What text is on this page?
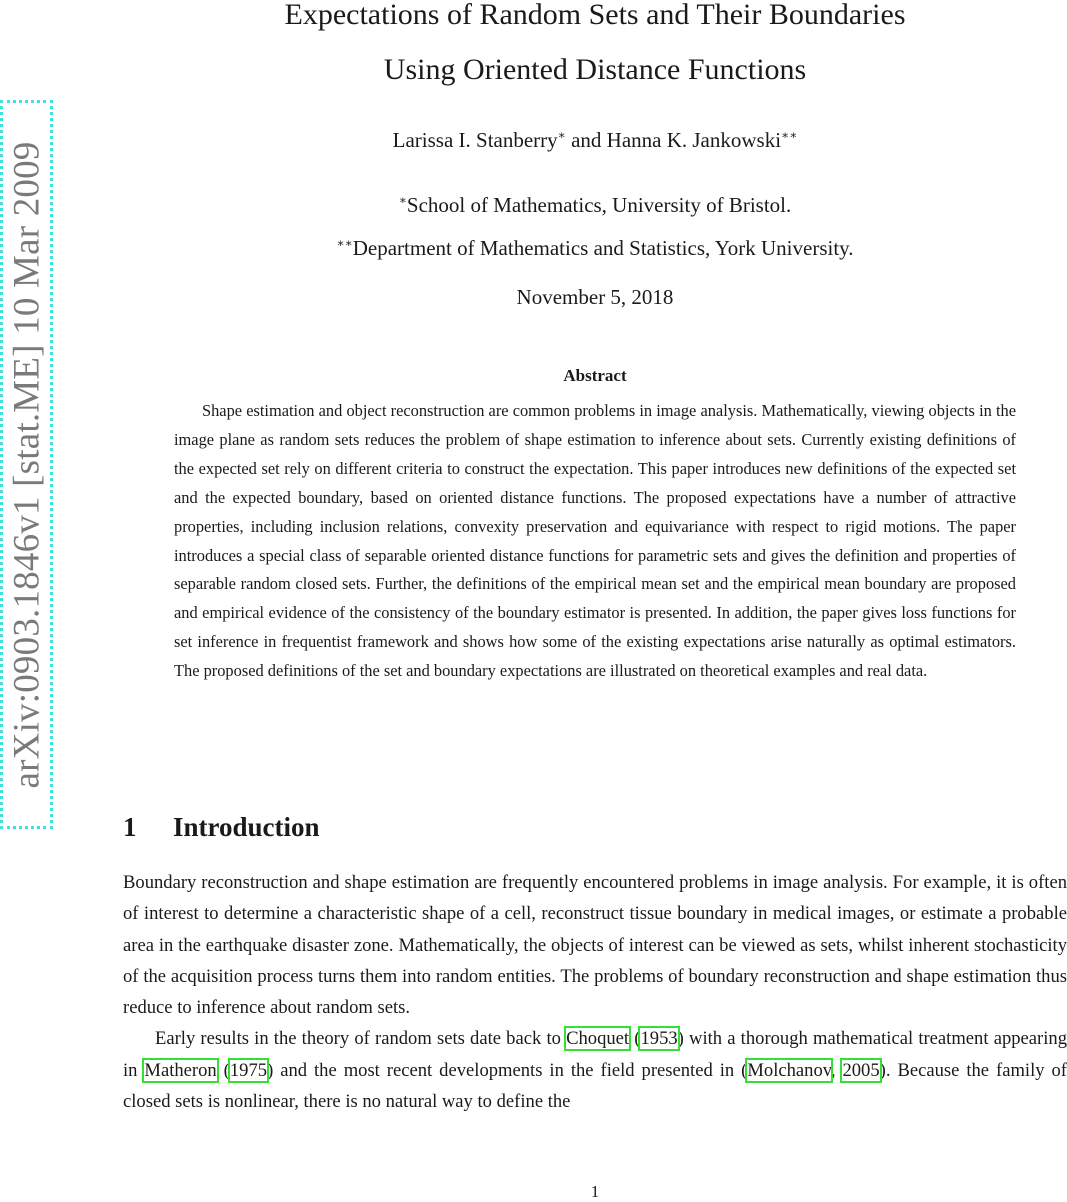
arXiv:0903.1846v1 [stat.ME] 10 Mar 2009
Expectations of Random Sets and Their Boundaries
Using Oriented Distance Functions
Larissa I. Stanberry∗ and Hanna K. Jankowski∗∗
∗School of Mathematics, University of Bristol.
∗∗Department of Mathematics and Statistics, York University.
November 5, 2018
Abstract

Shape estimation and object reconstruction are common problems in image analysis. Mathematically, viewing objects in the image plane as random sets reduces the problem of shape estimation to inference about sets. Currently existing definitions of the expected set rely on different criteria to construct the expectation. This paper introduces new definitions of the expected set and the expected boundary, based on oriented distance functions. The proposed expectations have a number of attractive properties, including inclusion relations, convexity preservation and equivariance with respect to rigid motions. The paper introduces a special class of separable oriented distance functions for parametric sets and gives the definition and properties of separable random closed sets. Further, the definitions of the empirical mean set and the empirical mean boundary are proposed and empirical evidence of the consistency of the boundary estimator is presented. In addition, the paper gives loss functions for set inference in frequentist framework and shows how some of the existing expectations arise naturally as optimal estimators. The proposed definitions of the set and boundary expectations are illustrated on theoretical examples and real data.

1 Introduction

Boundary reconstruction and shape estimation are frequently encountered problems in image analysis. For example, it is often of interest to determine a characteristic shape of a cell, reconstruct tissue boundary in medical images, or estimate a probable area in the earthquake disaster zone. Mathematically, the objects of interest can be viewed as sets, whilst inherent stochasticity of the acquisition process turns them into random entities. The problems of boundary reconstruction and shape estimation thus reduce to inference about random sets.

Early results in the theory of random sets date back to Choquet (1953) with a thorough mathematical treatment appearing in Matheron (1975) and the most recent developments in the field presented in (Molchanov, 2005). Because the family of closed sets is nonlinear, there is no natural way to define the

1
